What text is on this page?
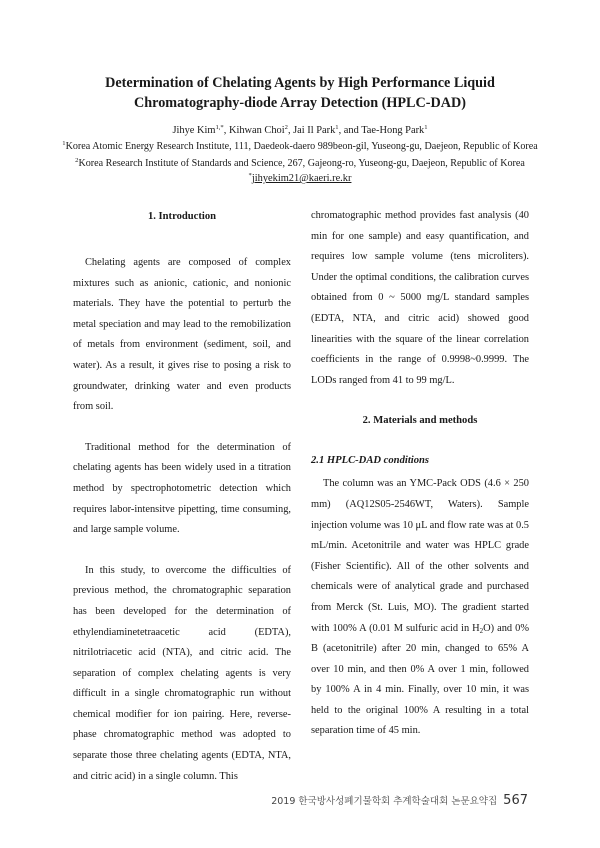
Determination of Chelating Agents by High Performance Liquid
Chromatography-diode Array Detection (HPLC-DAD)
Jihye Kim$^{1,*}$, Kihwan Choi$^2$, Jai Il Park$^1$, and Tae-Hong Park$^1$
$^1$Korea Atomic Energy Research Institute, 111, Daedeok-daero 989beon-gil, Yuseong-gu, Daejeon, Republic of Korea
$^2$Korea Research Institute of Standards and Science, 267, Gajeong-ro, Yuseong-gu, Daejeon, Republic of Korea
*jihyekim21@kaeri.re.kr
1. Introduction

Chelating agents are composed of complex mixtures such as anionic, cationic, and nonionic materials. They have the potential to perturb the metal speciation and may lead to the remobilization of metals from environment (sediment, soil, and water). As a result, it gives rise to posing a risk to groundwater, drinking water and even products from soil.

Traditional method for the determination of chelating agents has been widely used in a titration method by spectrophotometric detection which requires labor-intensitve pipetting, time consuming, and large sample volume.

In this study, to overcome the difficulties of previous method, the chromatographic separation has been developed for the determination of ethylendiaminetetraacetic acid (EDTA), nitrilotriacetic acid (NTA), and citric acid. The separation of complex chelating agents is very difficult in a single chromatographic run without chemical modifier for ion pairing. Here, reverse-phase chromatographic method was adopted to separate those three chelating agents (EDTA, NTA, and citric acid) in a single column. This

chromatographic method provides fast analysis (40 min for one sample) and easy quantification, and requires low sample volume (tens microliters). Under the optimal conditions, the calibration curves obtained from 0 ~ 5000 mg/L standard samples (EDTA, NTA, and citric acid) showed good linearities with the square of the linear correlation coefficients in the range of 0.9998~0.9999. The LODs ranged from 41 to 99 mg/L.

2. Materials and methods
2.1 HPLC-DAD conditions

The column was an YMC-Pack ODS (4.6 × 250 mm) (AQ12S05-2546WT, Waters). Sample injection volume was 10 μL and flow rate was at 0.5 mL/min. Acetonitrile and water was HPLC grade (Fisher Scientific). All of the other solvents and chemicals were of analytical grade and purchased from Merck (St. Luis, MO). The gradient started with 100% A (0.01 M sulfuric acid in $H_2O$) and 0% B (acetonitrile) after 20 min, changed to 65% A over 10 min, and then 0% A over 1 min, followed by 100% A in 4 min. Finally, over 10 min, it was held to the original 100% A resulting in a total separation time of 45 min.

2019 한국방사성폐기물학회 추계학술대회 논문요약집 567
